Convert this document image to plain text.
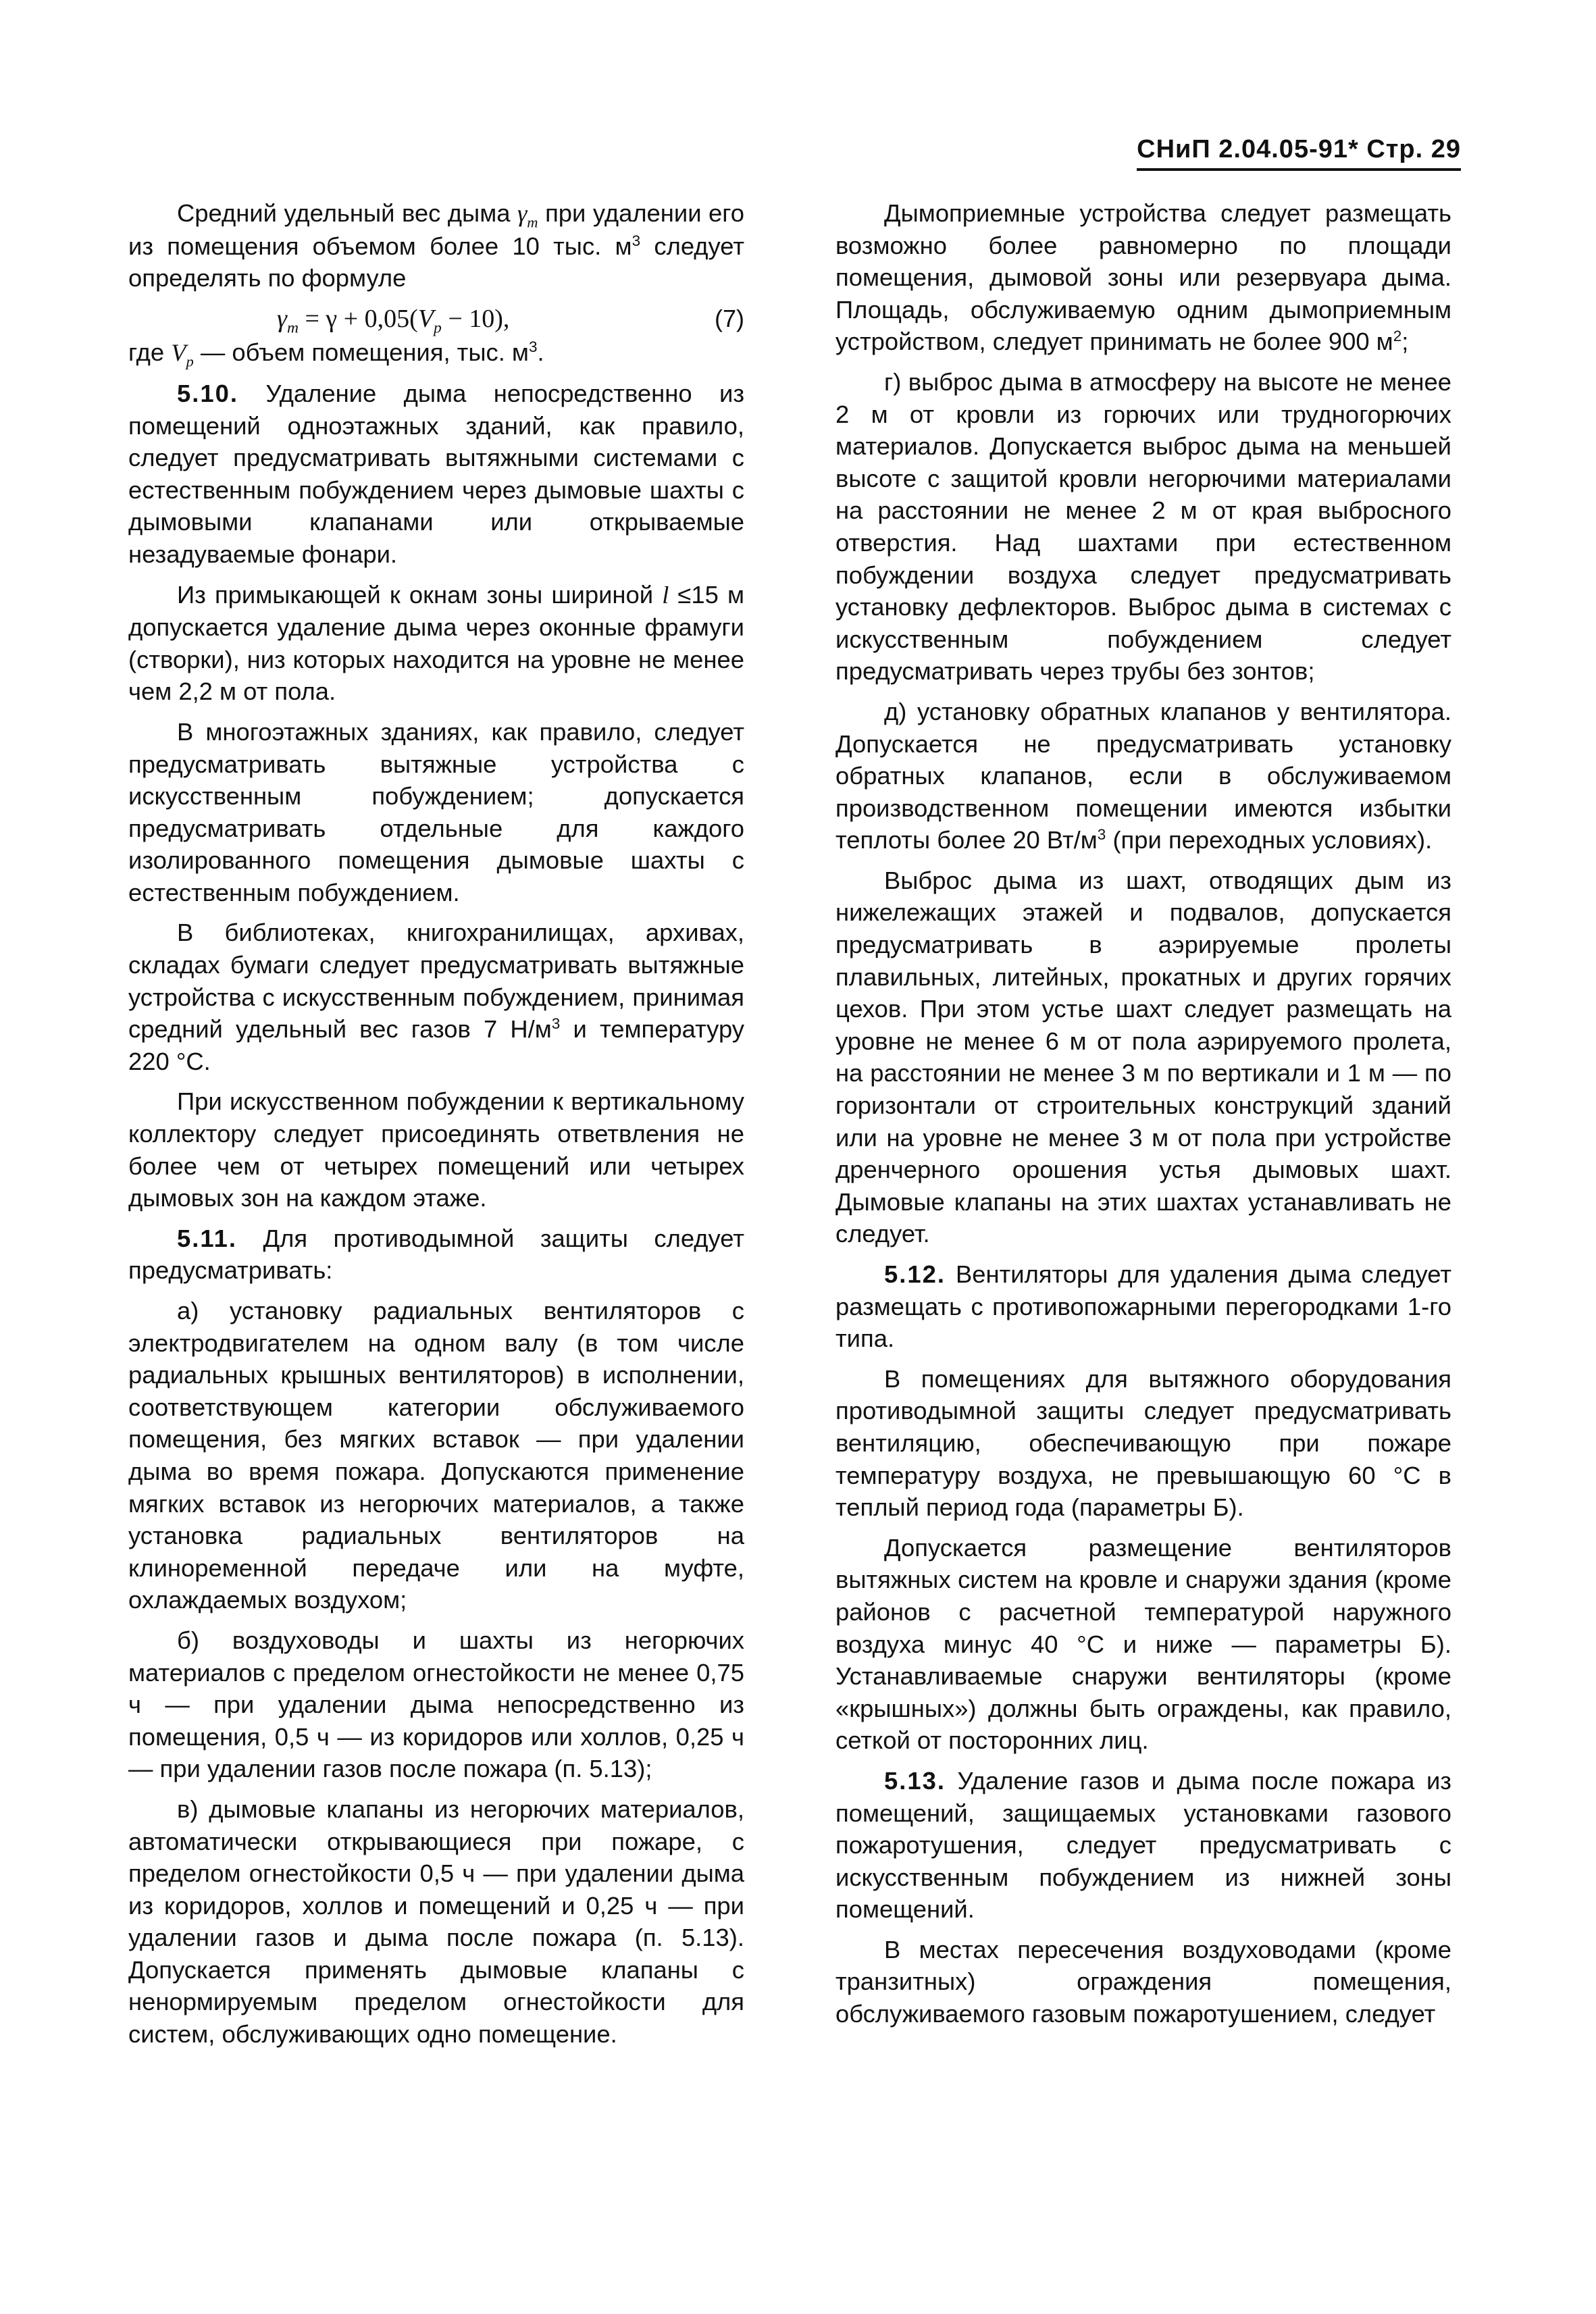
СНиП 2.04.05-91* Стр. 29

Средний удельный вес дыма $\gamma_m$ при удалении его из помещения объемом более 10 тыс. $м^3$ следует определять по формуле

$\gamma_m = \gamma + 0,05(V_p - 10)$,	(7)

где $V_p$ — объем помещения, тыс. $м^3$.

5.10. Удаление дыма непосредственно из помещений одноэтажных зданий, как правило, следует предусматривать вытяжными системами с естественным побуждением через дымовые шахты с дымовыми клапанами или открываемые незадуваемые фонари.

Из примыкающей к окнам зоны шириной l ≤15 м допускается удаление дыма через оконные фрамуги (створки), низ которых находится на уровне не менее чем 2,2 м от пола.

В многоэтажных зданиях, как правило, следует предусматривать вытяжные устройства с искусственным побуждением; допускается предусматривать отдельные для каждого изолированного помещения дымовые шахты с естественным побуждением.

В библиотеках, книгохранилищах, архивах, складах бумаги следует предусматривать вытяжные устройства с искусственным побуждением, принимая средний удельный вес газов 7 $Н/м^3$ и температуру 220 °С.

При искусственном побуждении к вертикальному коллектору следует присоединять ответвления не более чем от четырех помещений или четырех дымовых зон на каждом этаже.

5.11. Для противодымной защиты следует предусматривать:

а) установку радиальных вентиляторов с электродвигателем на одном валу (в том числе радиальных крышных вентиляторов) в исполнении, соответствующем категории обслуживаемого помещения, без мягких вставок — при удалении дыма во время пожара. Допускаются применение мягких вставок из негорючих материалов, а также установка радиальных вентиляторов на клиноременной передаче или на муфте, охлаждаемых воздухом;

б) воздуховоды и шахты из негорючих материалов с пределом огнестойкости не менее 0,75 ч — при удалении дыма непосредственно из помещения, 0,5 ч — из коридоров или холлов, 0,25 ч — при удалении газов после пожара (п. 5.13);

в) дымовые клапаны из негорючих материалов, автоматически открывающиеся при пожаре, с пределом огнестойкости 0,5 ч — при удалении дыма из коридоров, холлов и помещений и 0,25 ч — при удалении газов и дыма после пожара (п. 5.13). Допускается применять дымовые клапаны с ненормируемым пределом огнестойкости для систем, обслуживающих одно помещение.

Дымоприемные устройства следует размещать возможно более равномерно по площади помещения, дымовой зоны или резервуара дыма. Площадь, обслуживаемую одним дымоприемным устройством, следует принимать не более 900 $м^2$;

г) выброс дыма в атмосферу на высоте не менее 2 м от кровли из горючих или трудногорючих материалов. Допускается выброс дыма на меньшей высоте с защитой кровли негорючими материалами на расстоянии не менее 2 м от края выбросного отверстия. Над шахтами при естественном побуждении воздуха следует предусматривать установку дефлекторов. Выброс дыма в системах с искусственным побуждением следует предусматривать через трубы без зонтов;

д) установку обратных клапанов у вентилятора. Допускается не предусматривать установку обратных клапанов, если в обслуживаемом производственном помещении имеются избытки теплоты более 20 $Вт/м^3$ (при переходных условиях).

Выброс дыма из шахт, отводящих дым из нижележащих этажей и подвалов, допускается предусматривать в аэрируемые пролеты плавильных, литейных, прокатных и других горячих цехов. При этом устье шахт следует размещать на уровне не менее 6 м от пола аэрируемого пролета, на расстоянии не менее 3 м по вертикали и 1 м — по горизонтали от строительных конструкций зданий или на уровне не менее 3 м от пола при устройстве дренчерного орошения устья дымовых шахт. Дымовые клапаны на этих шахтах устанавливать не следует.

5.12. Вентиляторы для удаления дыма следует размещать с противопожарными перегородками 1-го типа.

В помещениях для вытяжного оборудования противодымной защиты следует предусматривать вентиляцию, обеспечивающую при пожаре температуру воздуха, не превышающую 60 °С в теплый период года (параметры Б).

Допускается размещение вентиляторов вытяжных систем на кровле и снаружи здания (кроме районов с расчетной температурой наружного воздуха минус 40 °С и ниже — параметры Б). Устанавливаемые снаружи вентиляторы (кроме «крышных») должны быть ограждены, как правило, сеткой от посторонних лиц.

5.13. Удаление газов и дыма после пожара из помещений, защищаемых установками газового пожаротушения, следует предусматривать с искусственным побуждением из нижней зоны помещений.

В местах пересечения воздуховодами (кроме транзитных) ограждения помещения, обслуживаемого газовым пожаротушением, следует
